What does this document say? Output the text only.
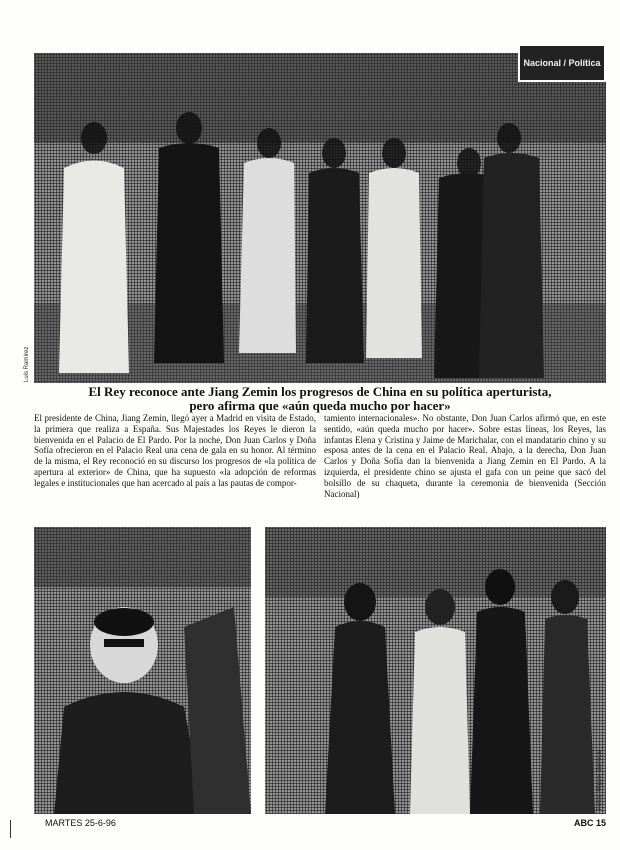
Nacional / Política
Luis Ramírez
El Rey reconoce ante Jiang Zemin los progresos de China en su política aperturista,
pero afirma que «aún queda mucho por hacer»
El presidente de China, Jiang Zemin, llegó ayer a Madrid en visita de Estado, la primera que realiza a España. Sus Majestades los Reyes le dieron la bienvenida en el Palacio de El Pardo. Por la noche, Don Juan Carlos y Doña Sofía ofrecieron en el Palacio Real una cena de gala en su honor. Al término de la misma, el Rey reconoció en su discurso los progresos de «la política de apertura al exterior» de China, que ha supuesto «la adopción de reformas legales e institucionales que han acercado al país a las pautas de compor-
tamiento internacionales». No obstante, Don Juan Carlos afirmó que, en este sentido, «aún queda mucho por hacer». Sobre estas líneas, los Reyes, las infantas Elena y Cristina y Jaime de Marichalar, con el mandatario chino y su esposa antes de la cena en el Palacio Real. Abajo, a la derecha, Don Juan Carlos y Doña Sofía dan la bienvenida a Jiang Zemin en El Pardo. A la izquierda, el presidente chino se ajusta el gafa con un peine que sacó del bolsillo de su chaqueta, durante la ceremonia de bienvenida (Sección Nacional)
Fotos: Miguel Berrocal
MARTES 25-6-96	ABC 15
